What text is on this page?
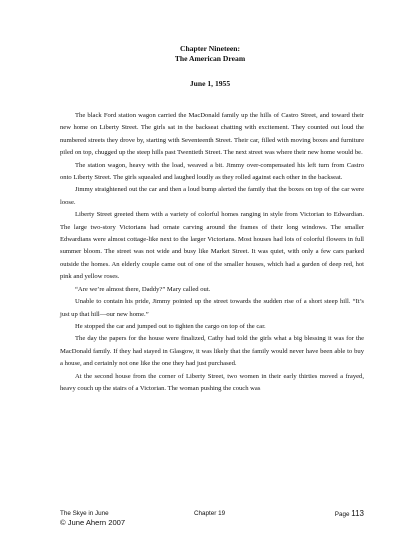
Chapter Nineteen:
The American Dream
June 1, 1955

The black Ford station wagon carried the MacDonald family up the hills of Castro Street, and toward their new home on Liberty Street. The girls sat in the backseat chatting with excitement. They counted out loud the numbered streets they drove by, starting with Seventeenth Street. Their car, filled with moving boxes and furniture piled on top, chugged up the steep hills past Twentieth Street. The next street was where their new home would be.

The station wagon, heavy with the load, weaved a bit. Jimmy over-compensated his left turn from Castro onto Liberty Street. The girls squealed and laughed loudly as they rolled against each other in the backseat.

Jimmy straightened out the car and then a loud bump alerted the family that the boxes on top of the car were loose.

Liberty Street greeted them with a variety of colorful homes ranging in style from Victorian to Edwardian. The large two-story Victorians had ornate carving around the frames of their long windows. The smaller Edwardians were almost cottage-like next to the larger Victorians. Most houses had lots of colorful flowers in full summer bloom. The street was not wide and busy like Market Street. It was quiet, with only a few cars parked outside the homes. An elderly couple came out of one of the smaller houses, which had a garden of deep red, hot pink and yellow roses.

“Are we’re almost there, Daddy?” Mary called out.

Unable to contain his pride, Jimmy pointed up the street towards the sudden rise of a short steep hill. “It’s just up that hill—our new home.”

He stopped the car and jumped out to tighten the cargo on top of the car.

The day the papers for the house were finalized, Cathy had told the girls what a big blessing it was for the MacDonald family. If they had stayed in Glasgow, it was likely that the family would never have been able to buy a house, and certainly not one like the one they had just purchased.

At the second house from the corner of Liberty Street, two women in their early thirties moved a frayed, heavy couch up the stairs of a Victorian. The woman pushing the couch was

The Skye in June	Chapter 19	Page 113
© June Ahern 2007
